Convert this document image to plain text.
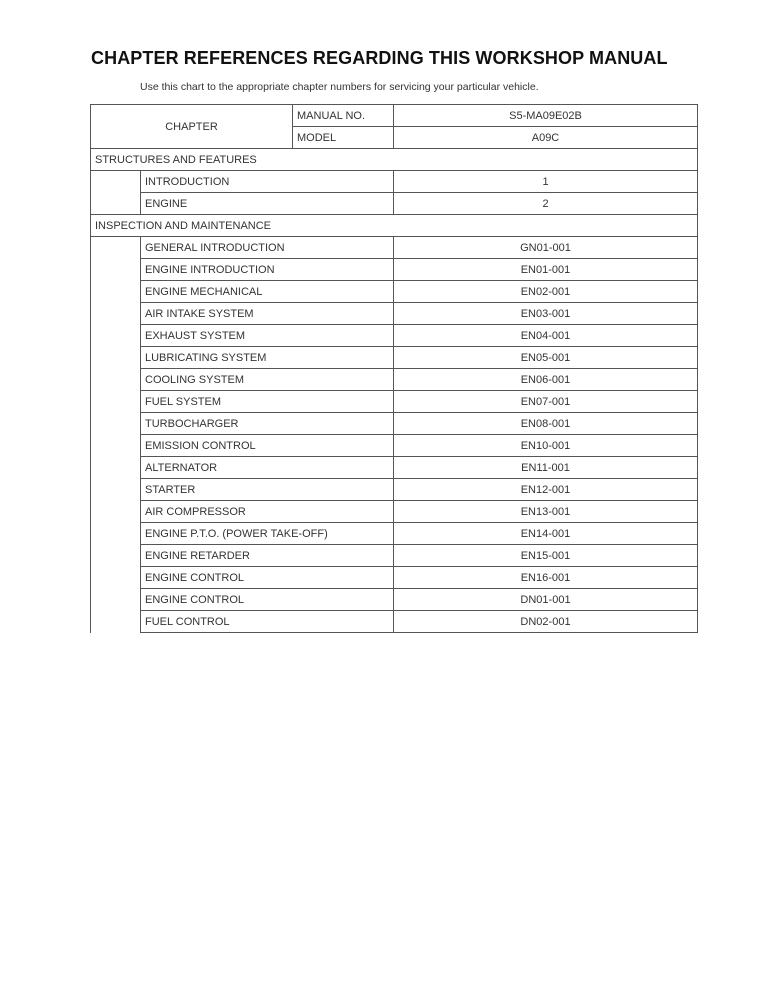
CHAPTER REFERENCES REGARDING THIS WORKSHOP MANUAL
Use this chart to the appropriate chapter numbers for servicing your particular vehicle.
CHAPTER		MANUAL NO.	S5-MA09E02B
		MODEL	A09C
STRUCTURES AND FEATURES			
	INTRODUCTION		1
	ENGINE		2
INSPECTION AND MAINTENANCE			
	GENERAL INTRODUCTION		GN01-001
	ENGINE INTRODUCTION		EN01-001
	ENGINE MECHANICAL		EN02-001
	AIR INTAKE SYSTEM		EN03-001
	EXHAUST SYSTEM		EN04-001
	LUBRICATING SYSTEM		EN05-001
	COOLING SYSTEM		EN06-001
	FUEL SYSTEM		EN07-001
	TURBOCHARGER		EN08-001
	EMISSION CONTROL		EN10-001
	ALTERNATOR		EN11-001
	STARTER		EN12-001
	AIR COMPRESSOR		EN13-001
	ENGINE P.T.O. (POWER TAKE-OFF)		EN14-001
	ENGINE RETARDER		EN15-001
	ENGINE CONTROL		EN16-001
	ENGINE CONTROL		DN01-001
	FUEL CONTROL		DN02-001
